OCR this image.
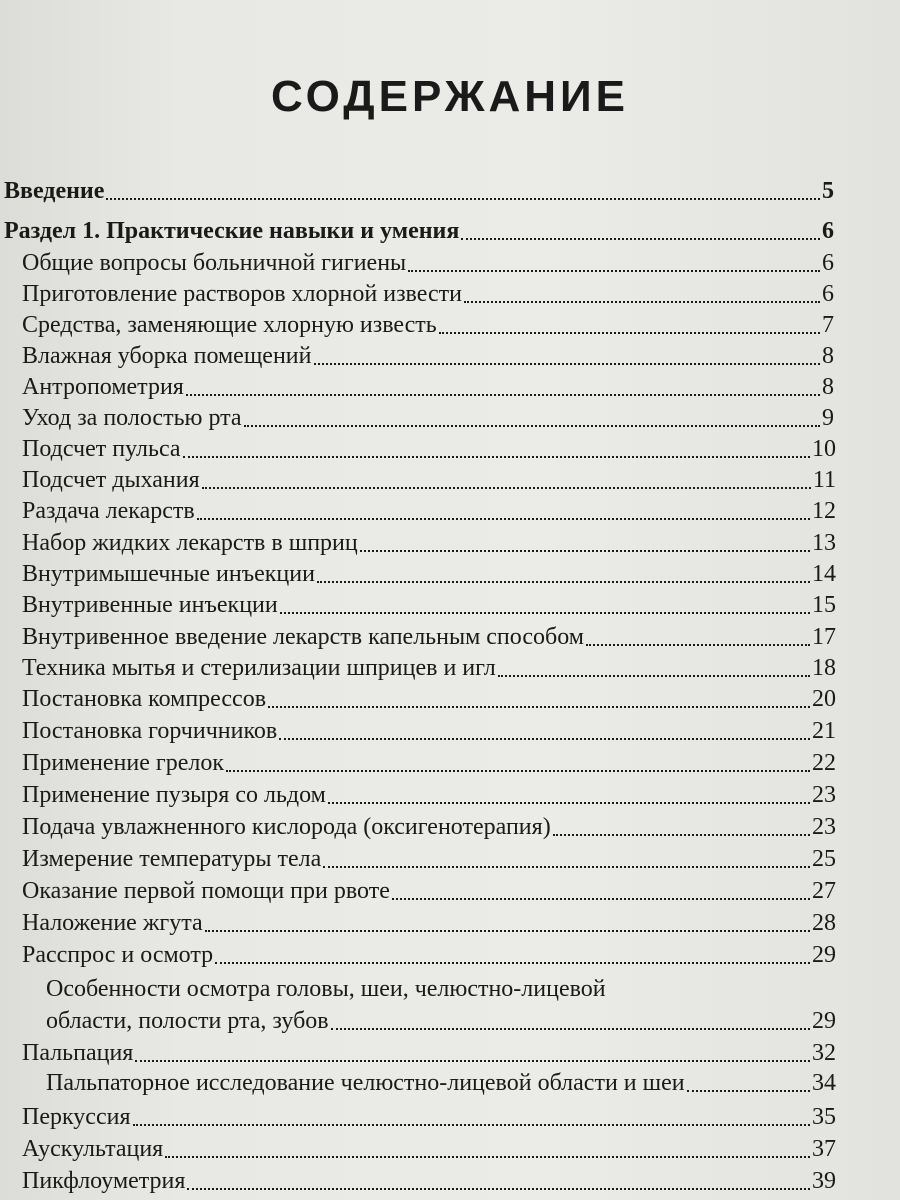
СОДЕРЖАНИЕ
Введение	5
Раздел 1. Практические навыки и умения	6
Общие вопросы больничной гигиены	6
Приготовление растворов хлорной извести	6
Средства, заменяющие хлорную известь	7
Влажная уборка помещений	8
Антропометрия	8
Уход за полостью рта	9
Подсчет пульса	10
Подсчет дыхания	11
Раздача лекарств	12
Набор жидких лекарств в шприц	13
Внутримышечные инъекции	14
Внутривенные инъекции	15
Внутривенное введение лекарств капельным способом	17
Техника мытья и стерилизации шприцев и игл	18
Постановка компрессов	20
Постановка горчичников	21
Применение грелок	22
Применение пузыря со льдом	23
Подача увлажненного кислорода (оксигенотерапия)	23
Измерение температуры тела	25
Оказание первой помощи при рвоте	27
Наложение жгута	28
Расспрос и осмотр	29
Особенности осмотра головы, шеи, челюстно-лицевой
области, полости рта, зубов	29
Пальпация	32
Пальпаторное исследование челюстно-лицевой области и шеи	34
Перкуссия	35
Аускультация	37
Пикфлоуметрия	39
